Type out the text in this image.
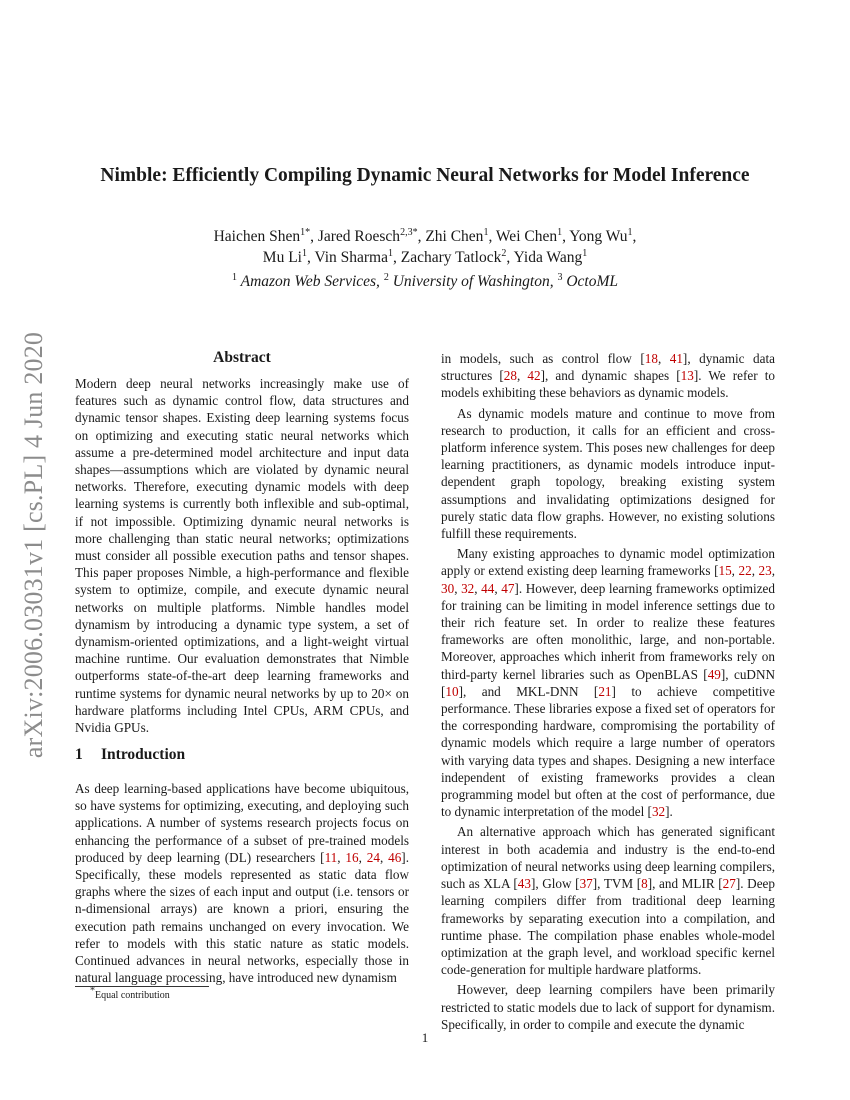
arXiv:2006.03031v1 [cs.PL] 4 Jun 2020
Nimble: Efficiently Compiling Dynamic Neural Networks for Model Inference
Haichen Shen$^{1*}$, Jared Roesch$^{2,3*}$, Zhi Chen$^1$, Wei Chen$^1$, Yong Wu$^1$,
Mu Li$^1$, Vin Sharma$^1$, Zachary Tatlock$^2$, Yida Wang$^1$
$^1$ Amazon Web Services, $^2$ University of Washington, $^3$ OctoML
Abstract

Modern deep neural networks increasingly make use of features such as dynamic control flow, data structures and dynamic tensor shapes. Existing deep learning systems focus on optimizing and executing static neural networks which assume a pre-determined model architecture and input data shapes—assumptions which are violated by dynamic neural networks. Therefore, executing dynamic models with deep learning systems is currently both inflexible and sub-optimal, if not impossible. Optimizing dynamic neural networks is more challenging than static neural networks; optimizations must consider all possible execution paths and tensor shapes. This paper proposes Nimble, a high-performance and flexible system to optimize, compile, and execute dynamic neural networks on multiple platforms. Nimble handles model dynamism by introducing a dynamic type system, a set of dynamism-oriented optimizations, and a light-weight virtual machine runtime. Our evaluation demonstrates that Nimble outperforms state-of-the-art deep learning frameworks and runtime systems for dynamic neural networks by up to 20× on hardware platforms including Intel CPUs, ARM CPUs, and Nvidia GPUs.

1 Introduction

As deep learning-based applications have become ubiquitous, so have systems for optimizing, executing, and deploying such applications. A number of systems research projects focus on enhancing the performance of a subset of pre-trained models produced by deep learning (DL) researchers [11, 16, 24, 46]. Specifically, these models represented as static data flow graphs where the sizes of each input and output (i.e. tensors or n-dimensional arrays) are known a priori, ensuring the execution path remains unchanged on every invocation. We refer to models with this static nature as static models. Continued advances in neural networks, especially those in natural language processing, have introduced new dynamism

in models, such as control flow [18, 41], dynamic data structures [28, 42], and dynamic shapes [13]. We refer to models exhibiting these behaviors as dynamic models.

As dynamic models mature and continue to move from research to production, it calls for an efficient and cross-platform inference system. This poses new challenges for deep learning practitioners, as dynamic models introduce input-dependent graph topology, breaking existing system assumptions and invalidating optimizations designed for purely static data flow graphs. However, no existing solutions fulfill these requirements.

Many existing approaches to dynamic model optimization apply or extend existing deep learning frameworks [15, 22, 23, 30, 32, 44, 47]. However, deep learning frameworks optimized for training can be limiting in model inference settings due to their rich feature set. In order to realize these features frameworks are often monolithic, large, and non-portable. Moreover, approaches which inherit from frameworks rely on third-party kernel libraries such as OpenBLAS [49], cuDNN [10], and MKL-DNN [21] to achieve competitive performance. These libraries expose a fixed set of operators for the corresponding hardware, compromising the portability of dynamic models which require a large number of operators with varying data types and shapes. Designing a new interface independent of existing frameworks provides a clean programming model but often at the cost of performance, due to dynamic interpretation of the model [32].

An alternative approach which has generated significant interest in both academia and industry is the end-to-end optimization of neural networks using deep learning compilers, such as XLA [43], Glow [37], TVM [8], and MLIR [27]. Deep learning compilers differ from traditional deep learning frameworks by separating execution into a compilation, and runtime phase. The compilation phase enables whole-model optimization at the graph level, and workload specific kernel code-generation for multiple hardware platforms.

However, deep learning compilers have been primarily restricted to static models due to lack of support for dynamism. Specifically, in order to compile and execute the dynamic

*Equal contribution
1
